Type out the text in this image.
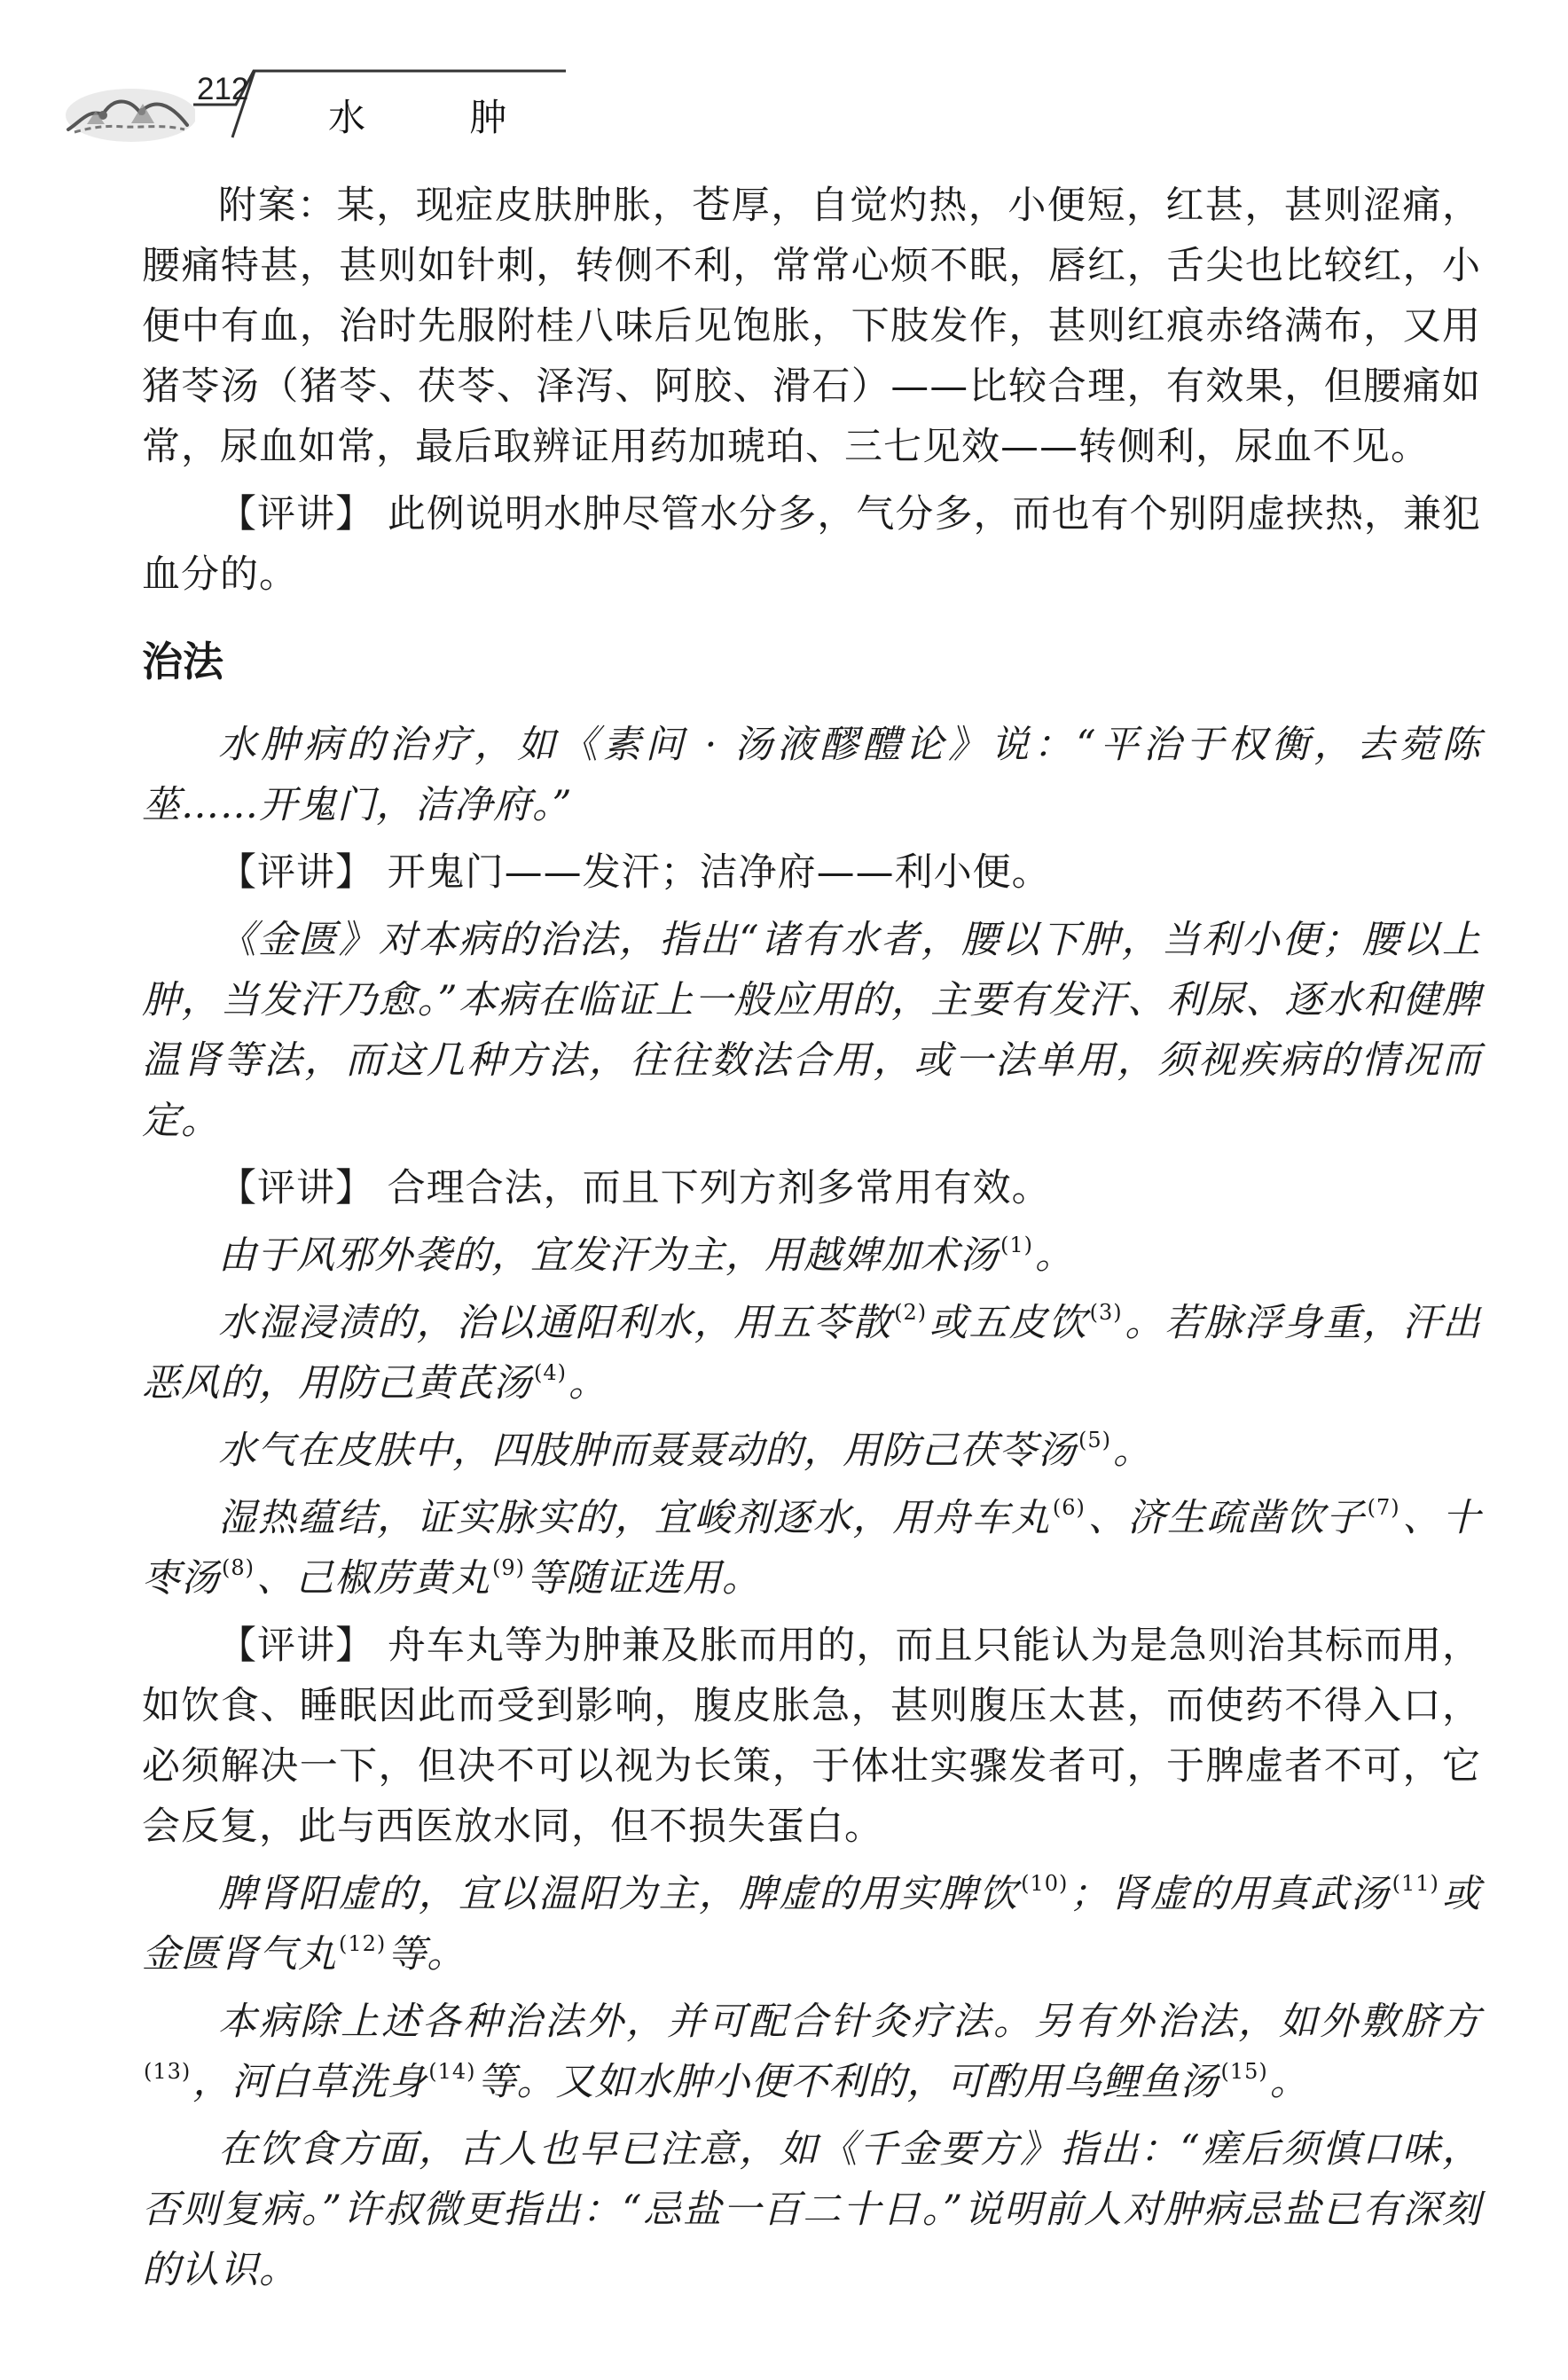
212
水 肿

附案：某，现症皮肤肿胀，苍厚，自觉灼热，小便短，红甚，甚则涩痛，腰痛特甚，甚则如针刺，转侧不利，常常心烦不眠，唇红，舌尖也比较红，小便中有血，治时先服附桂八味后见饱胀，下肢发作，甚则红痕赤络满布，又用猪苓汤（猪苓、茯苓、泽泻、阿胶、滑石）——比较合理，有效果，但腰痛如常，尿血如常，最后取辨证用药加琥珀、三七见效——转侧利，尿血不见。

【评讲】 此例说明水肿尽管水分多，气分多，而也有个别阴虚挟热，兼犯血分的。

治法

水肿病的治疗，如《素问 · 汤液醪醴论》说：“平治于权衡，去菀陈莝……开鬼门，洁净府。”

【评讲】 开鬼门——发汗；洁净府——利小便。

《金匮》对本病的治法，指出“诸有水者，腰以下肿，当利小便；腰以上肿，当发汗乃愈。”本病在临证上一般应用的，主要有发汗、利尿、逐水和健脾温肾等法，而这几种方法，往往数法合用，或一法单用，须视疾病的情况而定。

【评讲】 合理合法，而且下列方剂多常用有效。

由于风邪外袭的，宜发汗为主，用越婢加术汤$^{(1)}$。

水湿浸渍的，治以通阳利水，用五苓散$^{(2)}$或五皮饮$^{(3)}$。若脉浮身重，汗出恶风的，用防己黄芪汤$^{(4)}$。

水气在皮肤中，四肢肿而聂聂动的，用防己茯苓汤$^{(5)}$。

湿热蕴结，证实脉实的，宜峻剂逐水，用舟车丸$^{(6)}$、济生疏凿饮子$^{(7)}$、十枣汤$^{(8)}$、己椒苈黄丸$^{(9)}$等随证选用。

【评讲】 舟车丸等为肿兼及胀而用的，而且只能认为是急则治其标而用，如饮食、睡眠因此而受到影响，腹皮胀急，甚则腹压太甚，而使药不得入口，必须解决一下，但决不可以视为长策，于体壮实骤发者可，于脾虚者不可，它会反复，此与西医放水同，但不损失蛋白。

脾肾阳虚的，宜以温阳为主，脾虚的用实脾饮$^{(10)}$；肾虚的用真武汤$^{(11)}$或金匮肾气丸$^{(12)}$等。

本病除上述各种治法外，并可配合针灸疗法。另有外治法，如外敷脐方$^{(13)}$，河白草洗身$^{(14)}$等。又如水肿小便不利的，可酌用乌鲤鱼汤$^{(15)}$。

在饮食方面，古人也早已注意，如《千金要方》指出：“瘥后须慎口味，否则复病。”许叔微更指出：“忌盐一百二十日。”说明前人对肿病忌盐已有深刻的认识。
